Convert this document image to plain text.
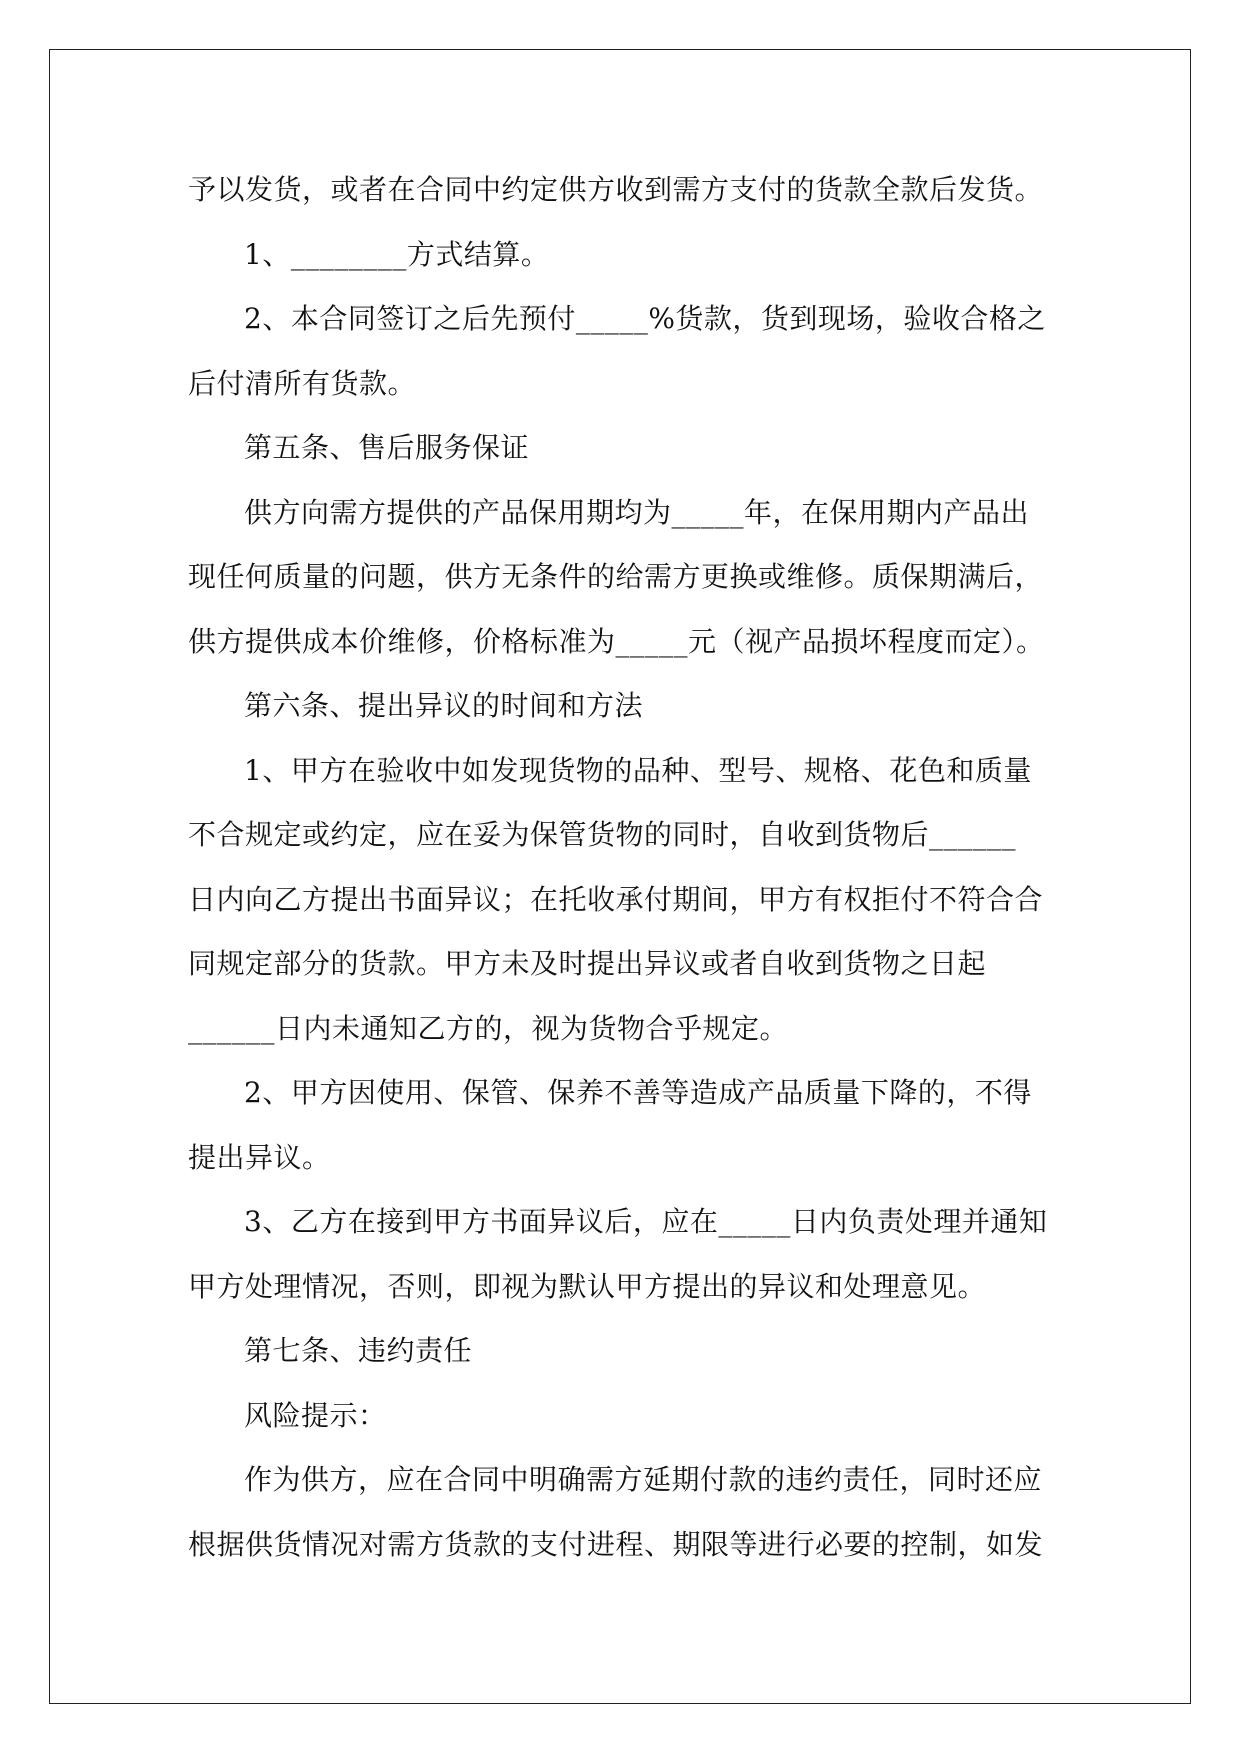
予以发货，或者在合同中约定供方收到需方支付的货款全款后发货。

1、________方式结算。

2、本合同签订之后先预付_____%货款，货到现场，验收合格之

后付清所有货款。

第五条、售后服务保证

供方向需方提供的产品保用期均为_____年，在保用期内产品出

现任何质量的问题，供方无条件的给需方更换或维修。质保期满后，

供方提供成本价维修，价格标准为_____元（视产品损坏程度而定）。

第六条、提出异议的时间和方法

1、甲方在验收中如发现货物的品种、型号、规格、花色和质量

不合规定或约定，应在妥为保管货物的同时，自收到货物后______

日内向乙方提出书面异议；在托收承付期间，甲方有权拒付不符合合

同规定部分的货款。甲方未及时提出异议或者自收到货物之日起

______日内未通知乙方的，视为货物合乎规定。

2、甲方因使用、保管、保养不善等造成产品质量下降的，不得

提出异议。

3、乙方在接到甲方书面异议后，应在_____日内负责处理并通知

甲方处理情况，否则，即视为默认甲方提出的异议和处理意见。

第七条、违约责任

风险提示：

作为供方，应在合同中明确需方延期付款的违约责任，同时还应

根据供货情况对需方货款的支付进程、期限等进行必要的控制，如发
